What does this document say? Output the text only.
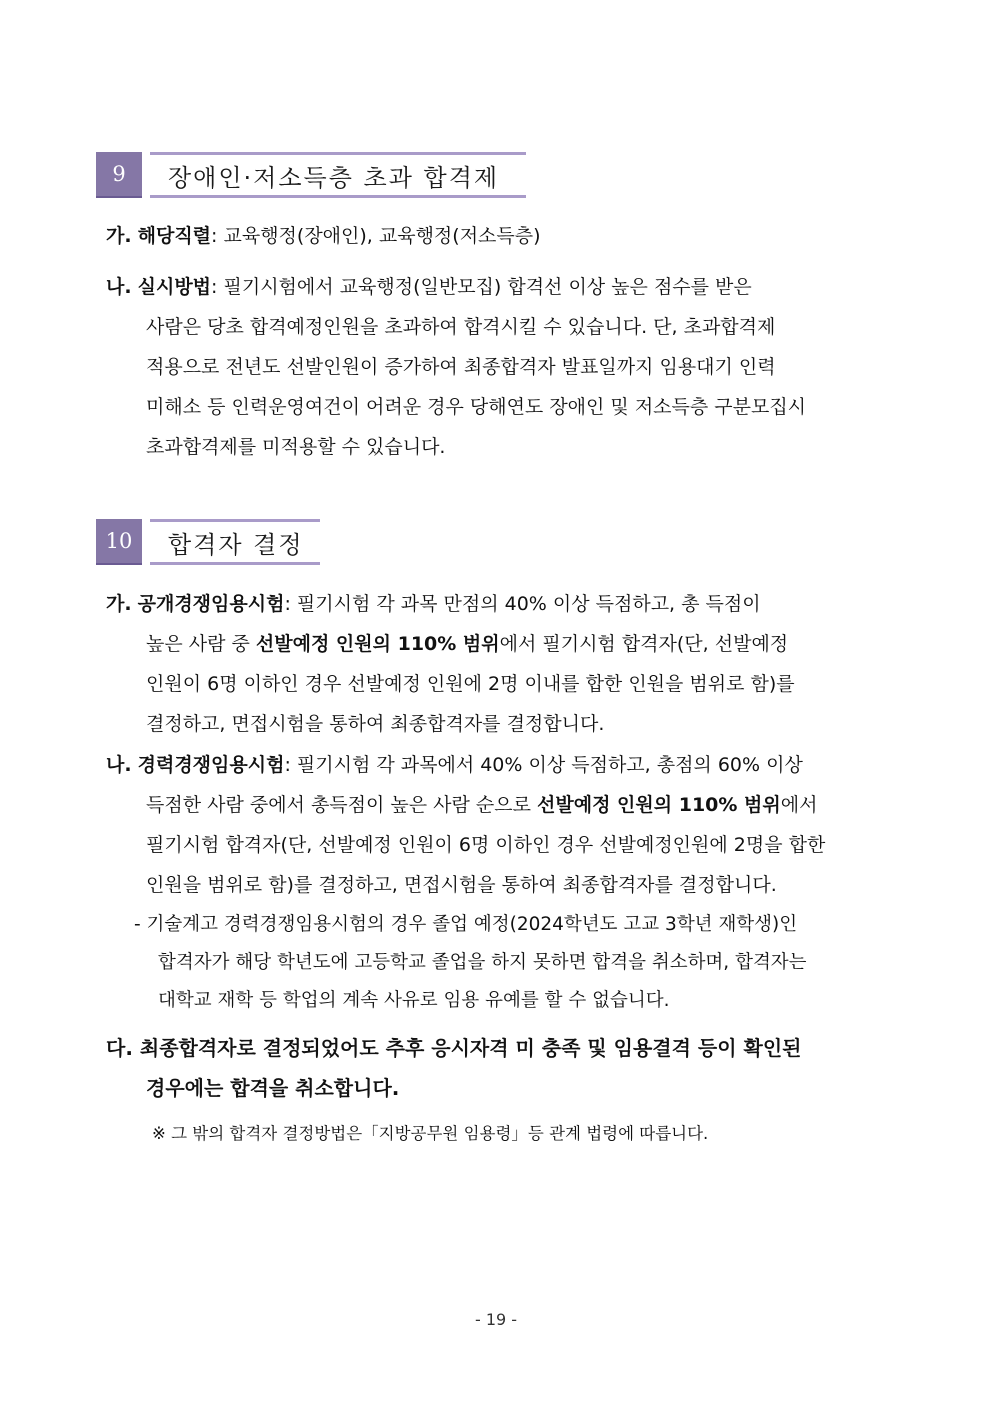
9	장애인·저소득층 초과 합격제
가. 해당직렬: 교육행정(장애인), 교육행정(저소득층)
나. 실시방법: 필기시험에서 교육행정(일반모집) 합격선 이상 높은 점수를 받은
사람은 당초 합격예정인원을 초과하여 합격시킬 수 있습니다. 단, 초과합격제
적용으로 전년도 선발인원이 증가하여 최종합격자 발표일까지 임용대기 인력
미해소 등 인력운영여건이 어려운 경우 당해연도 장애인 및 저소득층 구분모집시
초과합격제를 미적용할 수 있습니다.
10	합격자 결정
가. 공개경쟁임용시험: 필기시험 각 과목 만점의 40% 이상 득점하고, 총 득점이
높은 사람 중 선발예정 인원의 110% 범위에서 필기시험 합격자(단, 선발예정
인원이 6명 이하인 경우 선발예정 인원에 2명 이내를 합한 인원을 범위로 함)를
결정하고, 면접시험을 통하여 최종합격자를 결정합니다.
나. 경력경쟁임용시험: 필기시험 각 과목에서 40% 이상 득점하고, 총점의 60% 이상
득점한 사람 중에서 총득점이 높은 사람 순으로 선발예정 인원의 110% 범위에서
필기시험 합격자(단, 선발예정 인원이 6명 이하인 경우 선발예정인원에 2명을 합한
인원을 범위로 함)를 결정하고, 면접시험을 통하여 최종합격자를 결정합니다.
- 기술계고 경력경쟁임용시험의 경우 졸업 예정(2024학년도 고교 3학년 재학생)인
합격자가 해당 학년도에 고등학교 졸업을 하지 못하면 합격을 취소하며, 합격자는
대학교 재학 등 학업의 계속 사유로 임용 유예를 할 수 없습니다.
다. 최종합격자로 결정되었어도 추후 응시자격 미 충족 및 임용결격 등이 확인된
경우에는 합격을 취소합니다.
※ 그 밖의 합격자 결정방법은「지방공무원 임용령」등 관계 법령에 따릅니다.
- 19 -
